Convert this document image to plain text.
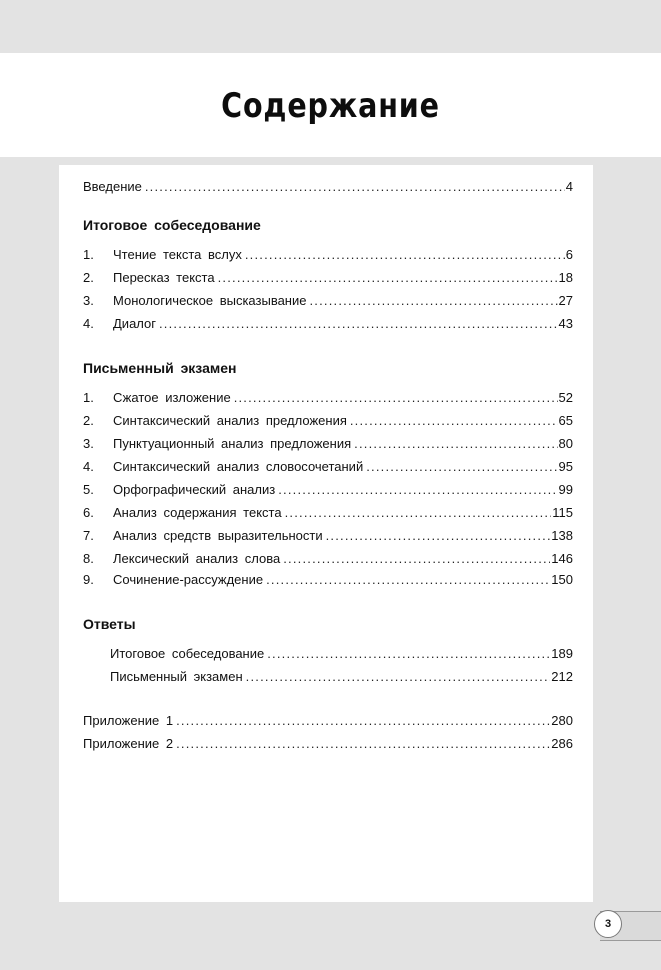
Содержание
Введение .....	4
Итоговое собеседование
1.	Чтение текста вслух .....	6
2.	Пересказ текста .....	18
3.	Монологическое высказывание .....	27
4.	Диалог .....	43
Письменный экзамен
1.	Сжатое изложение .....	52
2.	Синтаксический анализ предложения .....	65
3.	Пунктуационный анализ предложения .....	80
4.	Синтаксический анализ словосочетаний .....	95
5.	Орфографический анализ .....	99
6.	Анализ содержания текста .....	115
7.	Анализ средств выразительности .....	138
8.	Лексический анализ слова .....	146
9.	Сочинение-рассуждение .....	150
Ответы
Итоговое собеседование .....	189
Письменный экзамен .....	212
Приложение 1 .....	280
Приложение 2 .....	286
3
